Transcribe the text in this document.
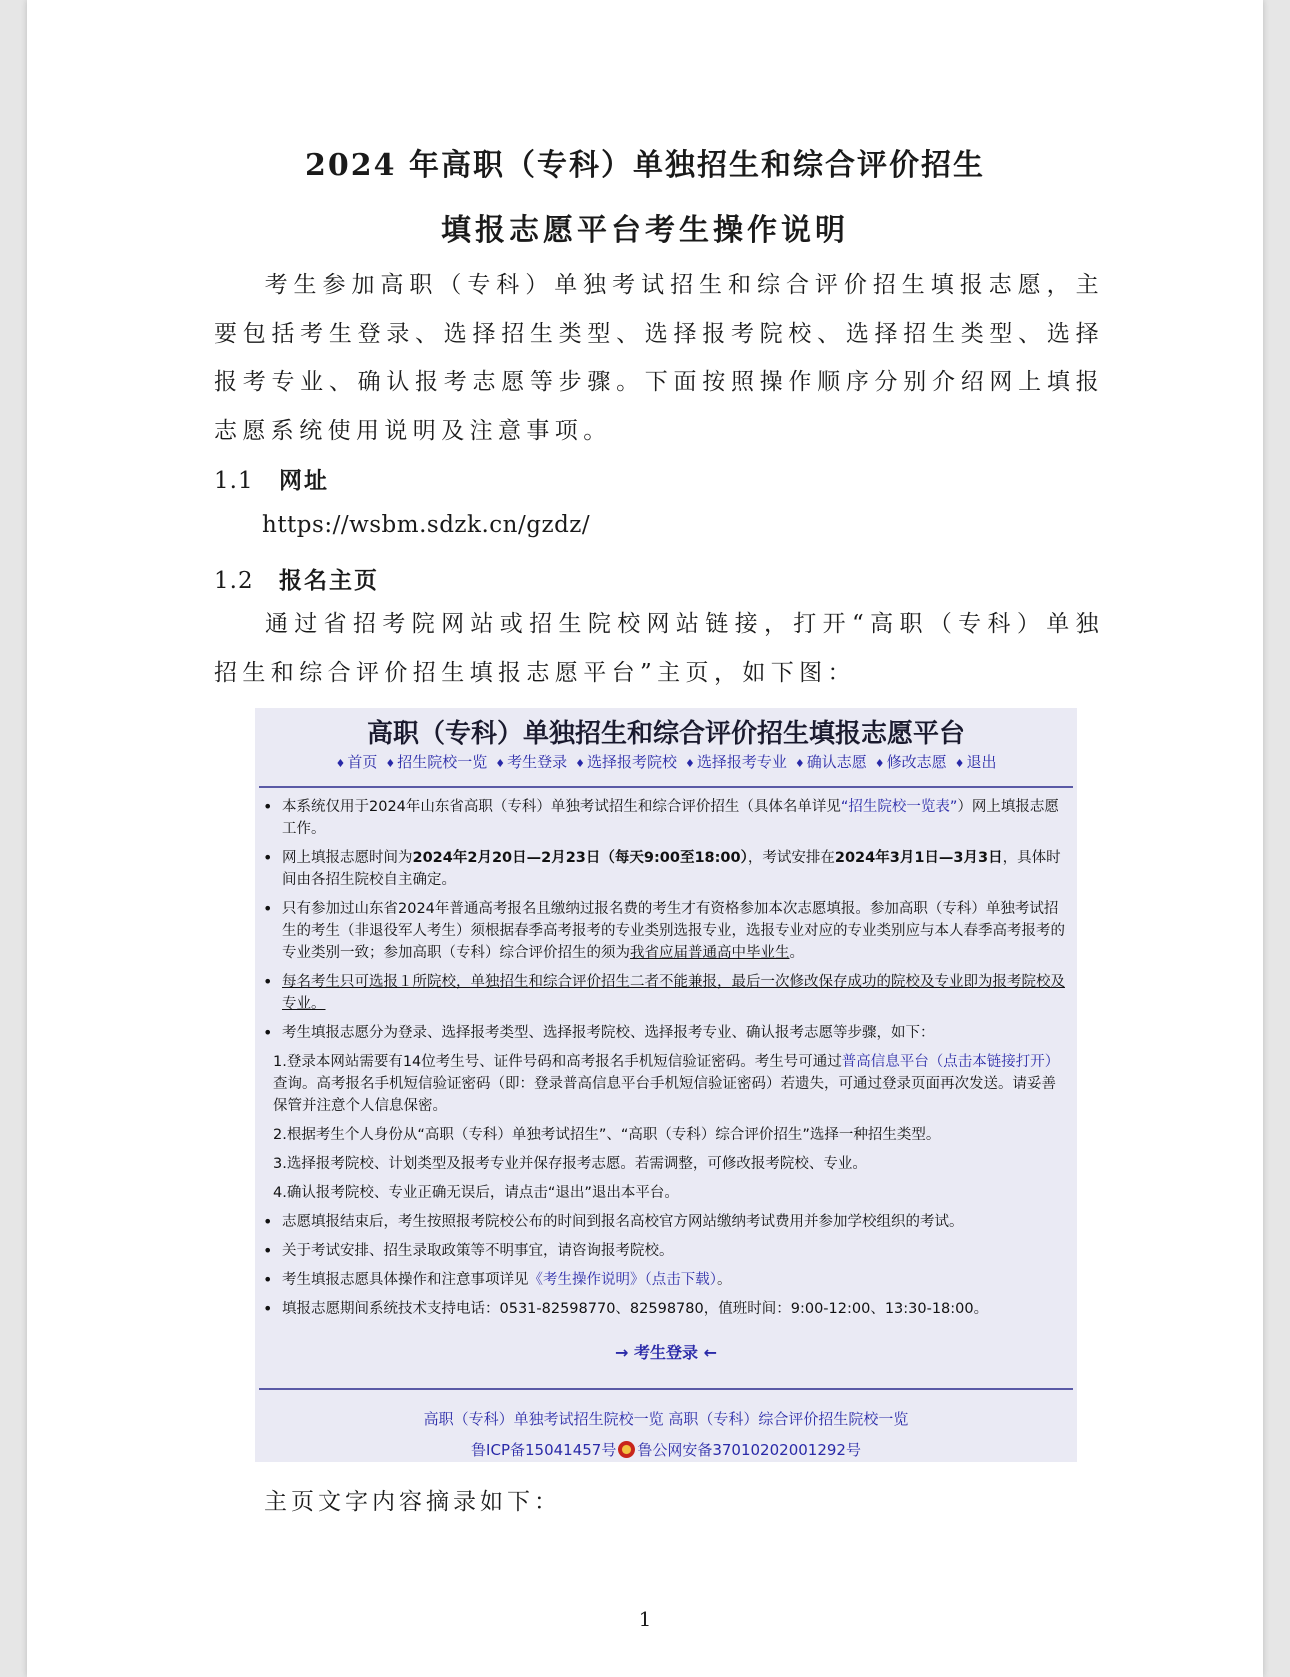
2024 年高职（专科）单独招生和综合评价招生
填报志愿平台考生操作说明
考生参加高职（专科）单独考试招生和综合评价招生填报志愿，主要包括考生登录、选择招生类型、选择报考院校、选择招生类型、选择报考专业、确认报考志愿等步骤。下面按照操作顺序分别介绍网上填报志愿系统使用说明及注意事项。
1.1 网址
https://wsbm.sdzk.cn/gzdz/
1.2 报名主页
通过省招考院网站或招生院校网站链接，打开“高职（专科）单独招生和综合评价招生填报志愿平台”主页，如下图：
高职（专科）单独招生和综合评价招生填报志愿平台
♦ 首页 ♦ 招生院校一览 ♦ 考生登录 ♦ 选择报考院校 ♦ 选择报考专业 ♦ 确认志愿 ♦ 修改志愿 ♦ 退出
• 本系统仅用于2024年山东省高职（专科）单独考试招生和综合评价招生（具体名单详见“招生院校一览表”）网上填报志愿工作。
• 网上填报志愿时间为2024年2月20日—2月23日（每天9:00至18:00），考试安排在2024年3月1日—3月3日，具体时间由各招生院校自主确定。
• 只有参加过山东省2024年普通高考报名且缴纳过报名费的考生才有资格参加本次志愿填报。参加高职（专科）单独考试招生的考生（非退役军人考生）须根据春季高考报考的专业类别选报专业，选报专业对应的专业类别应与本人春季高考报考的专业类别一致；参加高职（专科）综合评价招生的须为我省应届普通高中毕业生。
• 每名考生只可选报１所院校，单独招生和综合评价招生二者不能兼报，最后一次修改保存成功的院校及专业即为报考院校及专业。
• 考生填报志愿分为登录、选择报考类型、选择报考院校、选择报考专业、确认报考志愿等步骤，如下：
1.登录本网站需要有14位考生号、证件号码和高考报名手机短信验证密码。考生号可通过普高信息平台（点击本链接打开）查询。高考报名手机短信验证密码（即：登录普高信息平台手机短信验证密码）若遗失，可通过登录页面再次发送。请妥善保管并注意个人信息保密。
2.根据考生个人身份从“高职（专科）单独考试招生”、“高职（专科）综合评价招生”选择一种招生类型。
3.选择报考院校、计划类型及报考专业并保存报考志愿。若需调整，可修改报考院校、专业。
4.确认报考院校、专业正确无误后，请点击“退出”退出本平台。
• 志愿填报结束后，考生按照报考院校公布的时间到报名高校官方网站缴纳考试费用并参加学校组织的考试。
• 关于考试安排、招生录取政策等不明事宜，请咨询报考院校。
• 考生填报志愿具体操作和注意事项详见《考生操作说明》（点击下载）。
• 填报志愿期间系统技术支持电话：0531-82598770、82598780，值班时间：9:00-12:00、13:30-18:00。
→ 考生登录 ←
高职（专科）单独考试招生院校一览 高职（专科）综合评价招生院校一览
鲁ICP备15041457号 鲁公网安备37010202001292号
主页文字内容摘录如下：
1
